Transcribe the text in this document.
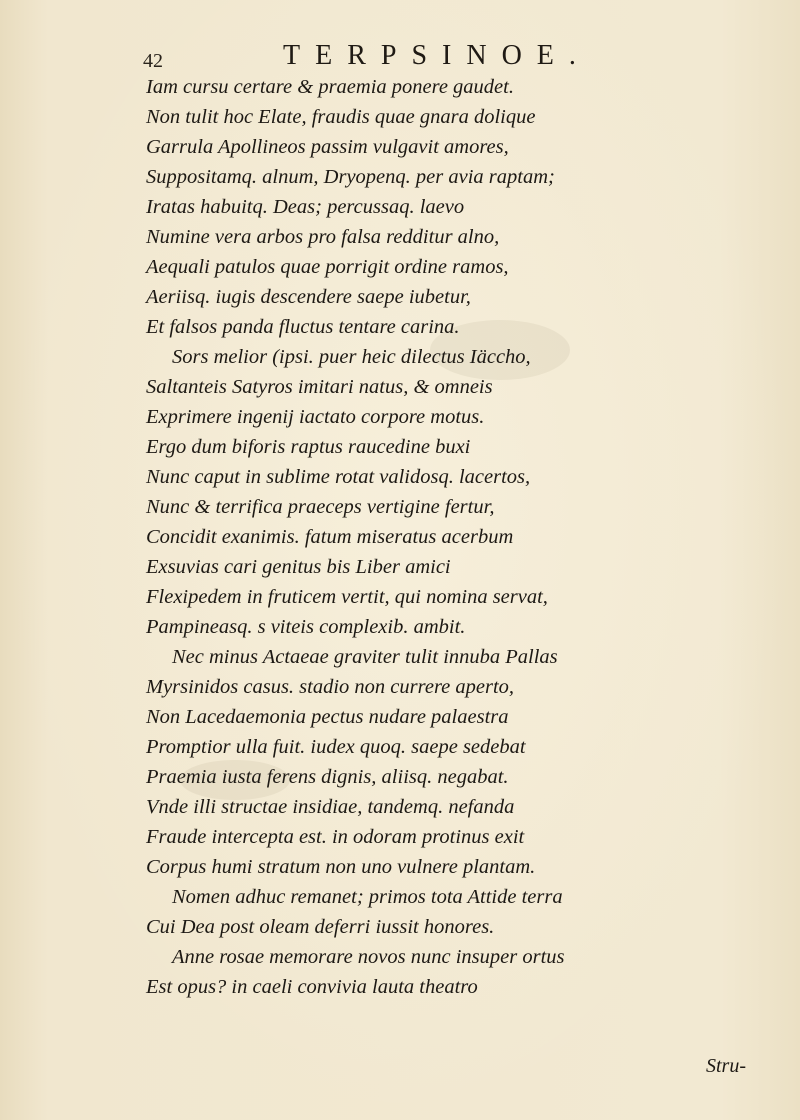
42	TERPSINOE.
Iam cursu certare & praemia ponere gaudet.
Non tulit hoc Elate, fraudis quae gnara dolique
Garrula Apollineos passim vulgavit amores,
Suppositamq. alnum, Dryopenq. per avia raptam;
Iratas habuitq. Deas; percussaq. laevo
Numine vera arbos pro falsa redditur alno,
Aequali patulos quae porrigit ordine ramos,
Aeriisq. iugis descendere saepe iubetur,
Et falsos panda fluctus tentare carina.
Sors melior (ipsi. puer heic dilectus Iäccho,
Saltanteis Satyros imitari natus, & omneis
Exprimere ingenij iactato corpore motus.
Ergo dum biforis raptus raucedine buxi
Nunc caput in sublime rotat validosq. lacertos,
Nunc & terrifica praeceps vertigine fertur,
Concidit exanimis. fatum miseratus acerbum
Exsuvias cari genitus bis Liber amici
Flexipedem in fruticem vertit, qui nomina servat,
Pampineasq. s viteis complexib. ambit.
Nec minus Actaeae graviter tulit innuba Pallas
Myrsinidos casus. stadio non currere aperto,
Non Lacedaemonia pectus nudare palaestra
Promptior ulla fuit. iudex quoq. saepe sedebat
Praemia iusta ferens dignis, aliisq. negabat.
Vnde illi structae insidiae, tandemq. nefanda
Fraude intercepta est. in odoram protinus exit
Corpus humi stratum non uno vulnere plantam.
Nomen adhuc remanet; primos tota Attide terra
Cui Dea post oleam deferri iussit honores.
Anne rosae memorare novos nunc insuper ortus
Est opus? in caeli convivia lauta theatro
Stru-
